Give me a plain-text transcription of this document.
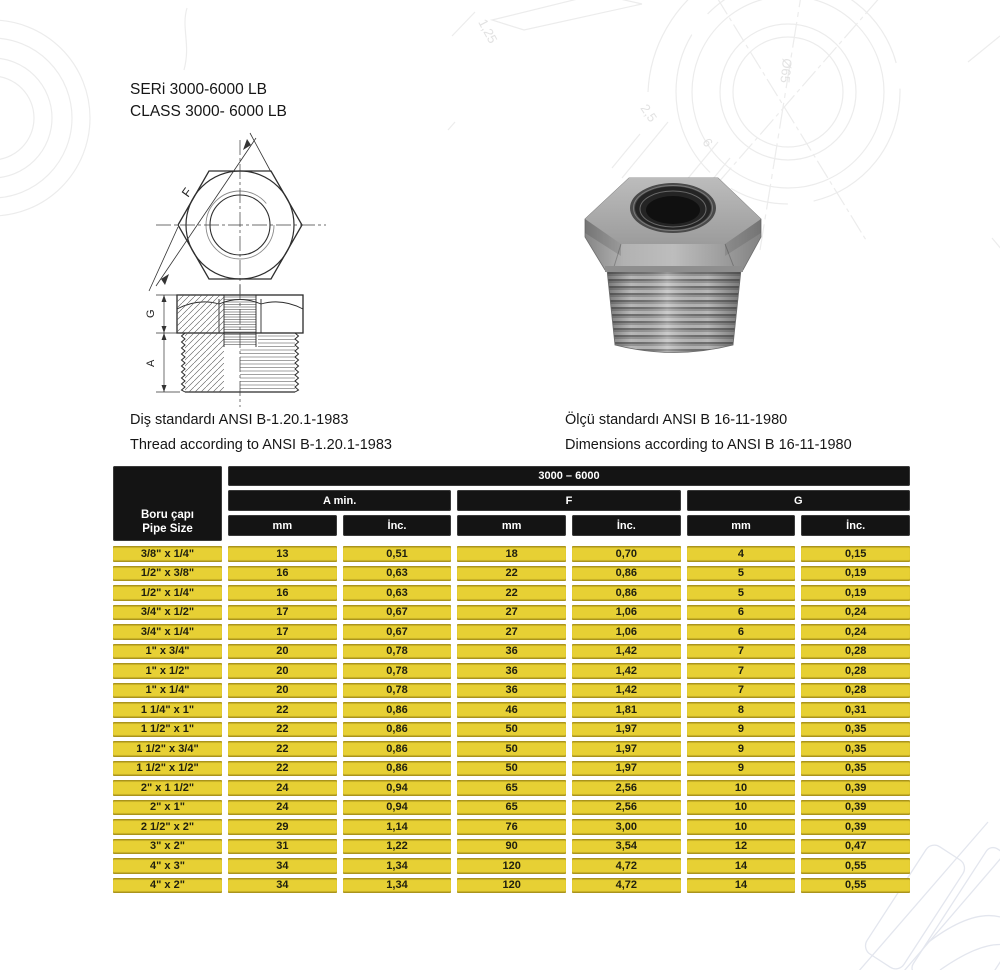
1,25
Ø65
2,5
6
SERi 3000-6000 LB
CLASS 3000- 6000 LB
F
G
A
Diş standardı ANSI B-1.20.1-1983
Thread according to ANSI B-1.20.1-1983
Ölçü standardı ANSI B 16-11-1980
Dimensions according to ANSI B 16-11-1980
Boru çapı
Pipe Size
3000 – 6000
A min.	F	G
mm	İnc.	mm	İnc.	mm	İnc.
3/8" x 1/4"	13	0,51	18	0,70	4	0,15
1/2" x 3/8"	16	0,63	22	0,86	5	0,19
1/2" x 1/4"	16	0,63	22	0,86	5	0,19
3/4" x 1/2"	17	0,67	27	1,06	6	0,24
3/4" x 1/4"	17	0,67	27	1,06	6	0,24
1" x 3/4"	20	0,78	36	1,42	7	0,28
1" x 1/2"	20	0,78	36	1,42	7	0,28
1" x 1/4"	20	0,78	36	1,42	7	0,28
1 1/4" x 1"	22	0,86	46	1,81	8	0,31
1 1/2" x 1"	22	0,86	50	1,97	9	0,35
1 1/2" x 3/4"	22	0,86	50	1,97	9	0,35
1 1/2" x 1/2"	22	0,86	50	1,97	9	0,35
2" x 1 1/2"	24	0,94	65	2,56	10	0,39
2" x 1"	24	0,94	65	2,56	10	0,39
2 1/2" x 2"	29	1,14	76	3,00	10	0,39
3" x 2"	31	1,22	90	3,54	12	0,47
4" x 3"	34	1,34	120	4,72	14	0,55
4" x 2"	34	1,34	120	4,72	14	0,55
